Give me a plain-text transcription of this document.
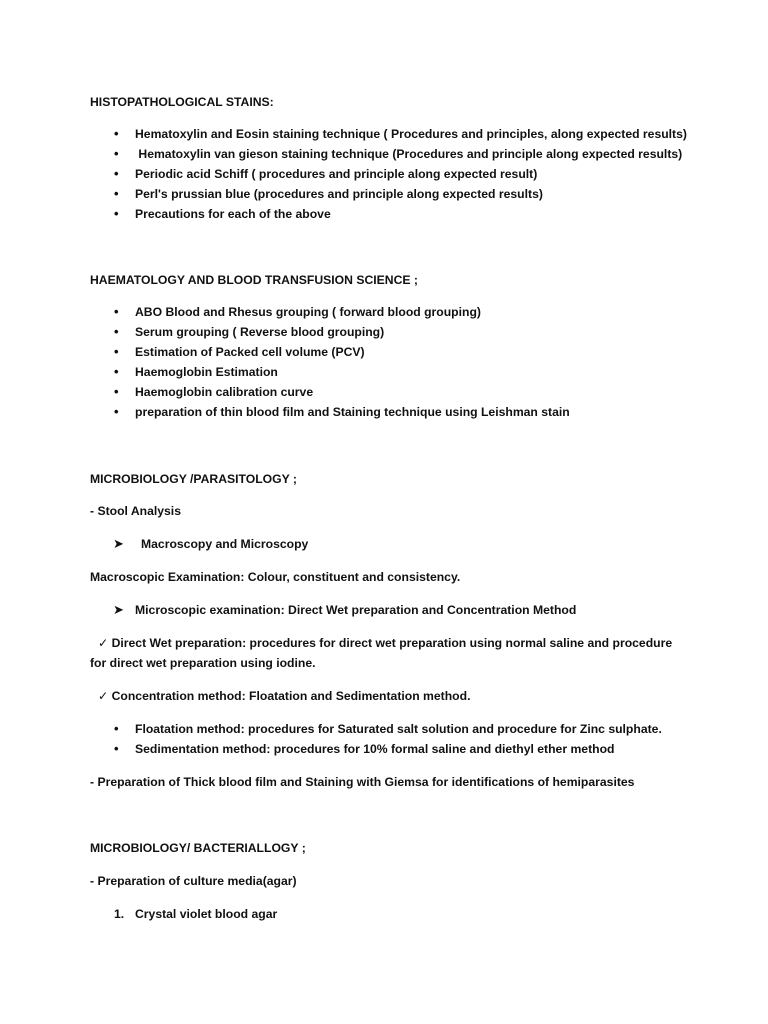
HISTOPATHOLOGICAL STAINS:
• Hematoxylin and Eosin staining technique ( Procedures and principles, along expected results)
• Hematoxylin van gieson staining technique (Procedures and principle along expected results)
• Periodic acid Schiff ( procedures and principle along expected result)
• Perl's prussian blue (procedures and principle along expected results)
• Precautions for each of the above
HAEMATOLOGY AND BLOOD TRANSFUSION SCIENCE ;
• ABO Blood and Rhesus grouping ( forward blood grouping)
• Serum grouping ( Reverse blood grouping)
• Estimation of Packed cell volume (PCV)
• Haemoglobin Estimation
• Haemoglobin calibration curve
• preparation of thin blood film and Staining technique using Leishman stain
MICROBIOLOGY /PARASITOLOGY ;
- Stool Analysis
➤ Macroscopy and Microscopy
Macroscopic Examination: Colour, constituent and consistency.
➤ Microscopic examination: Direct Wet preparation and Concentration Method
✓ Direct Wet preparation: procedures for direct wet preparation using normal saline and procedure for direct wet preparation using iodine.
✓ Concentration method: Floatation and Sedimentation method.
• Floatation method: procedures for Saturated salt solution and procedure for Zinc sulphate.
• Sedimentation method: procedures for 10% formal saline and diethyl ether method
- Preparation of Thick blood film and Staining with Giemsa for identifications of hemiparasites
MICROBIOLOGY/ BACTERIALLOGY ;
- Preparation of culture media(agar)
1. Crystal violet blood agar
